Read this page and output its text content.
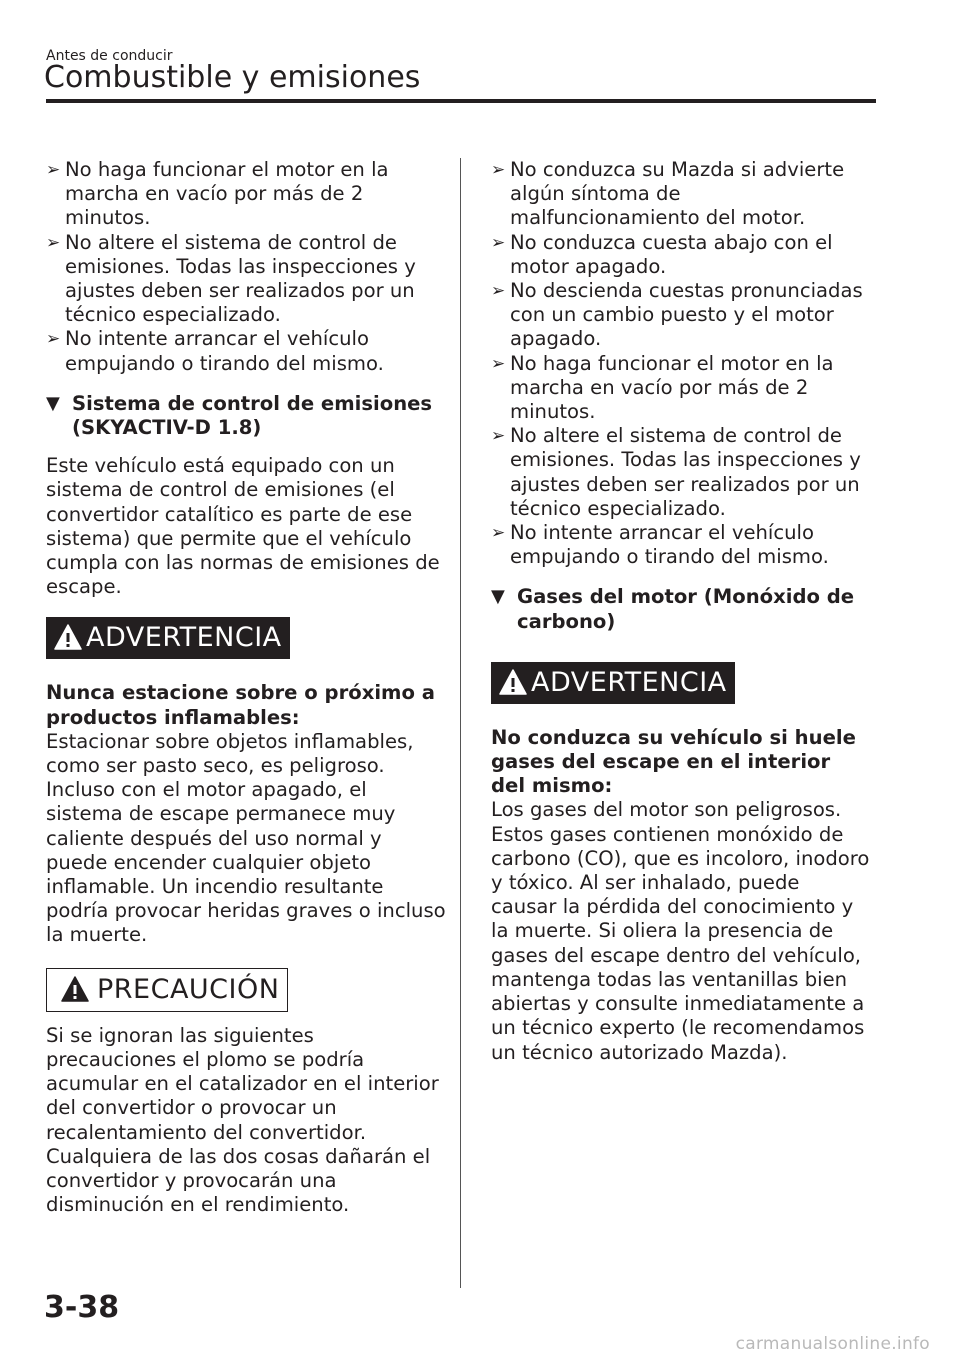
Antes de conducir
Combustible y emisiones
➢ No haga funcionar el motor en la marcha en vacío por más de 2 minutos.
➢ No altere el sistema de control de emisiones. Todas las inspecciones y ajustes deben ser realizados por un técnico especializado.
➢ No intente arrancar el vehículo empujando o tirando del mismo.
▼ Sistema de control de emisiones (SKYACTIV-D 1.8)

Este vehículo está equipado con un sistema de control de emisiones (el convertidor catalítico es parte de ese sistema) que permite que el vehículo cumpla con las normas de emisiones de escape.

ADVERTENCIA

Nunca estacione sobre o próximo a productos inflamables:

Estacionar sobre objetos inflamables, como ser pasto seco, es peligroso. Incluso con el motor apagado, el sistema de escape permanece muy caliente después del uso normal y puede encender cualquier objeto inflamable. Un incendio resultante podría provocar heridas graves o incluso la muerte.

PRECAUCIÓN

Si se ignoran las siguientes precauciones el plomo se podría acumular en el catalizador en el interior del convertidor o provocar un recalentamiento del convertidor. Cualquiera de las dos cosas dañarán el convertidor y provocarán una disminución en el rendimiento.

➢ No conduzca su Mazda si advierte algún síntoma de malfuncionamiento del motor.
➢ No conduzca cuesta abajo con el motor apagado.
➢ No descienda cuestas pronunciadas con un cambio puesto y el motor apagado.
➢ No haga funcionar el motor en la marcha en vacío por más de 2 minutos.
➢ No altere el sistema de control de emisiones. Todas las inspecciones y ajustes deben ser realizados por un técnico especializado.
➢ No intente arrancar el vehículo empujando o tirando del mismo.
▼ Gases del motor (Monóxido de carbono)
ADVERTENCIA

No conduzca su vehículo si huele gases del escape en el interior del mismo:

Los gases del motor son peligrosos. Estos gases contienen monóxido de carbono (CO), que es incoloro, inodoro y tóxico. Al ser inhalado, puede causar la pérdida del conocimiento y la muerte. Si oliera la presencia de gases del escape dentro del vehículo, mantenga todas las ventanillas bien abiertas y consulte inmediatamente a un técnico experto (le recomendamos un técnico autorizado Mazda).

3-38
carmanualsonline.info
